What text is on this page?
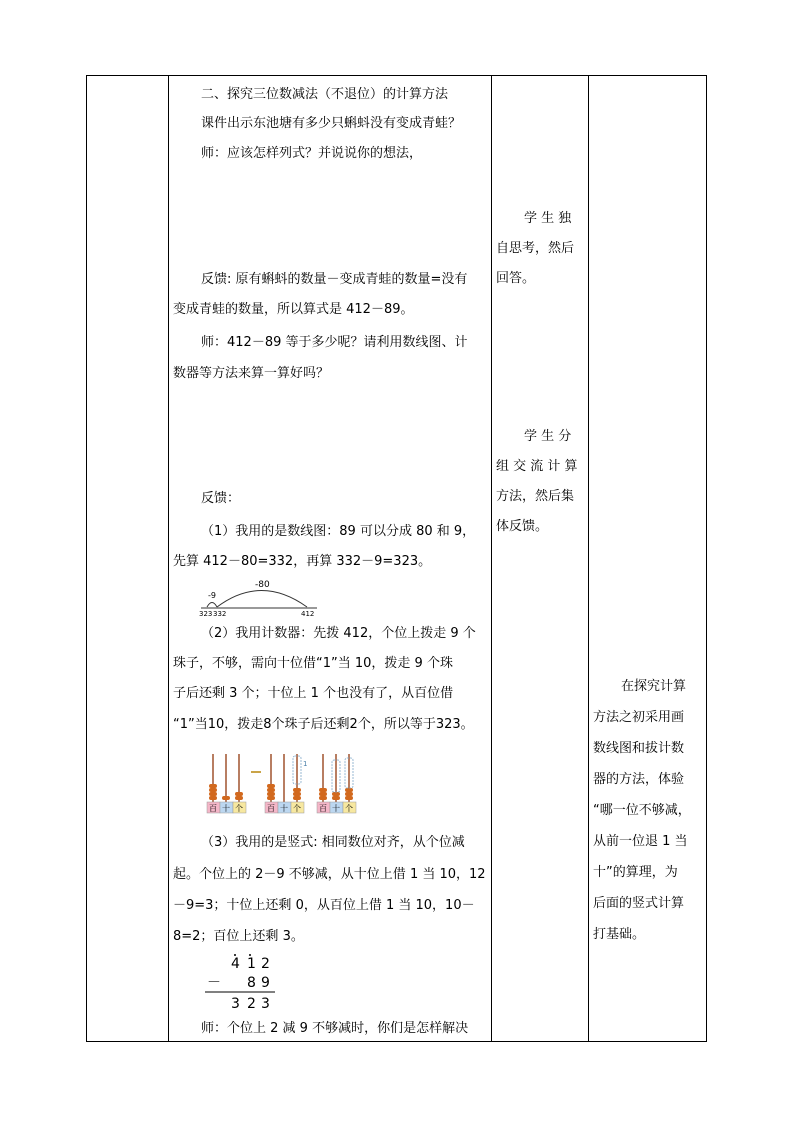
二、探究三位数减法（不退位）的计算方法
课件出示东池塘有多少只蝌蚪没有变成青蛙？
师：应该怎样列式？并说说你的想法，
反馈: 原有蝌蚪的数量－变成青蛙的数量=没有
变成青蛙的数量，所以算式是 412－89。
师：412－89 等于多少呢？请利用数线图、计
数器等方法来算一算好吗？
反馈：
（1）我用的是数线图：89 可以分成 80 和 9，
先算 412－80=332，再算 332－9=323。
-80
-9
323 332	412
（2）我用计数器：先拨 412，个位上拨走 9 个
珠子，不够，需向十位借“1”当 10，拨走 9 个珠
子后还剩 3 个；十位上 1 个也没有了，从百位借
“1”当10，拨走8个珠子后还剩2个，所以等于323。
百 十 个
1
百 十 个 百 十 个
（3）我用的是竖式: 相同数位对齐，从个位减
起。个位上的 2－9 不够减，从十位上借 1 当 10，12
－9=3；十位上还剩 0，从百位上借 1 当 10，10－
8=2；百位上还剩 3。
4 1 2
－ 8 9
3 2 3
师：个位上 2 减 9 不够减时，你们是怎样解决
学 生 独
自思考，然后
回答。
学 生 分
组 交 流 计 算
方法，然后集
体反馈。
在探究计算
方法之初采用画
数线图和拔计数
器的方法，体验
“哪一位不够减，
从前一位退 1 当
十”的算理，为
后面的竖式计算
打基础。
